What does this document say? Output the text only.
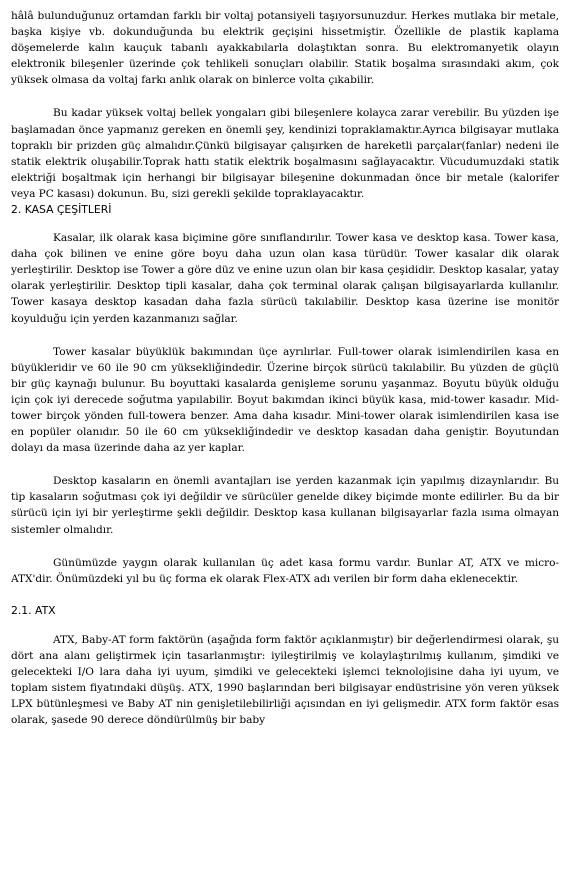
hâlâ bulunduğunuz ortamdan farklı bir voltaj potansiyeli taşıyorsunuzdur. Herkes mutlaka bir metale, başka kişiye vb. dokunduğunda bu elektrik geçişini hissetmiştir. Özellikle de plastik kaplama döşemelerde kalın kauçuk tabanlı ayakkabılarla dolaştıktan sonra. Bu elektromanyetik olayın elektronik bileşenler üzerinde çok tehlikeli sonuçları olabilir. Statik boşalma sırasındaki akım, çok yüksek olmasa da voltaj farkı anlık olarak on binlerce volta çıkabilir.

Bu kadar yüksek voltaj bellek yongaları gibi bileşenlere kolayca zarar verebilir. Bu yüzden işe başlamadan önce yapmanız gereken en önemli şey, kendinizi topraklamaktır.Ayrıca bilgisayar mutlaka topraklı bir prizden güç almalıdır.Çünkü bilgisayar çalışırken de hareketli parçalar(fanlar) nedeni ile statik elektrik oluşabilir.Toprak hattı statik elektrik boşalmasını sağlayacaktır. Vücudumuzdaki statik elektriği boşaltmak için herhangi bir bilgisayar bileşenine dokunmadan önce bir metale (kalorifer veya PC kasası) dokunun. Bu, sizi gerekli şekilde topraklayacaktır.

2. KASA ÇEŞİTLERİ

Kasalar, ilk olarak kasa biçimine göre sınıflandırılır. Tower kasa ve desktop kasa. Tower kasa, daha çok bilinen ve enine göre boyu daha uzun olan kasa türüdür. Tower kasalar dik olarak yerleştirilir. Desktop ise Tower a göre düz ve enine uzun olan bir kasa çeşididir. Desktop kasalar, yatay olarak yerleştirilir. Desktop tipli kasalar, daha çok terminal olarak çalışan bilgisayarlarda kullanılır. Tower kasaya desktop kasadan daha fazla sürücü takılabilir. Desktop kasa üzerine ise monitör koyulduğu için yerden kazanmanızı sağlar.

Tower kasalar büyüklük bakımından üçe ayrılırlar. Full-tower olarak isimlendirilen kasa en büyükleridir ve 60 ile 90 cm yüksekliğindedir. Üzerine birçok sürücü takılabilir. Bu yüzden de güçlü bir güç kaynağı bulunur. Bu boyuttaki kasalarda genişleme sorunu yaşanmaz. Boyutu büyük olduğu için çok iyi derecede soğutma yapılabilir. Boyut bakımdan ikinci büyük kasa, mid-tower kasadır. Mid-tower birçok yönden full-towera benzer. Ama daha kısadır. Mini-tower olarak isimlendirilen kasa ise en popüler olanıdır. 50 ile 60 cm yüksekliğindedir ve desktop kasadan daha geniştir. Boyutundan dolayı da masa üzerinde daha az yer kaplar.

Desktop kasaların en önemli avantajları ise yerden kazanmak için yapılmış dizaynlarıdır. Bu tip kasaların soğutması çok iyi değildir ve sürücüler genelde dikey biçimde monte edilirler. Bu da bir sürücü için iyi bir yerleştirme şekli değildir. Desktop kasa kullanan bilgisayarlar fazla ısıma olmayan sistemler olmalıdır.

Günümüzde yaygın olarak kullanılan üç adet kasa formu vardır. Bunlar AT, ATX ve micro-ATX'dir. Önümüzdeki yıl bu üç forma ek olarak Flex-ATX adı verilen bir form daha eklenecektir.

2.1. ATX

ATX, Baby-AT form faktörün (aşağıda form faktör açıklanmıştır) bir değerlendirmesi olarak, şu dört ana alanı geliştirmek için tasarlanmıştır: iyileştirilmiş ve kolaylaştırılmış kullanım, şimdiki ve gelecekteki I/O lara daha iyi uyum, şimdiki ve gelecekteki işlemci teknolojisine daha iyi uyum, ve toplam sistem fiyatındaki düşüş. ATX, 1990 başlarından beri bilgisayar endüstrisine yön veren yüksek LPX bütünleşmesi ve Baby AT nin genişletilebilirliği açısından en iyi gelişmedir. ATX form faktör esas olarak, şasede 90 derece döndürülmüş bir baby
